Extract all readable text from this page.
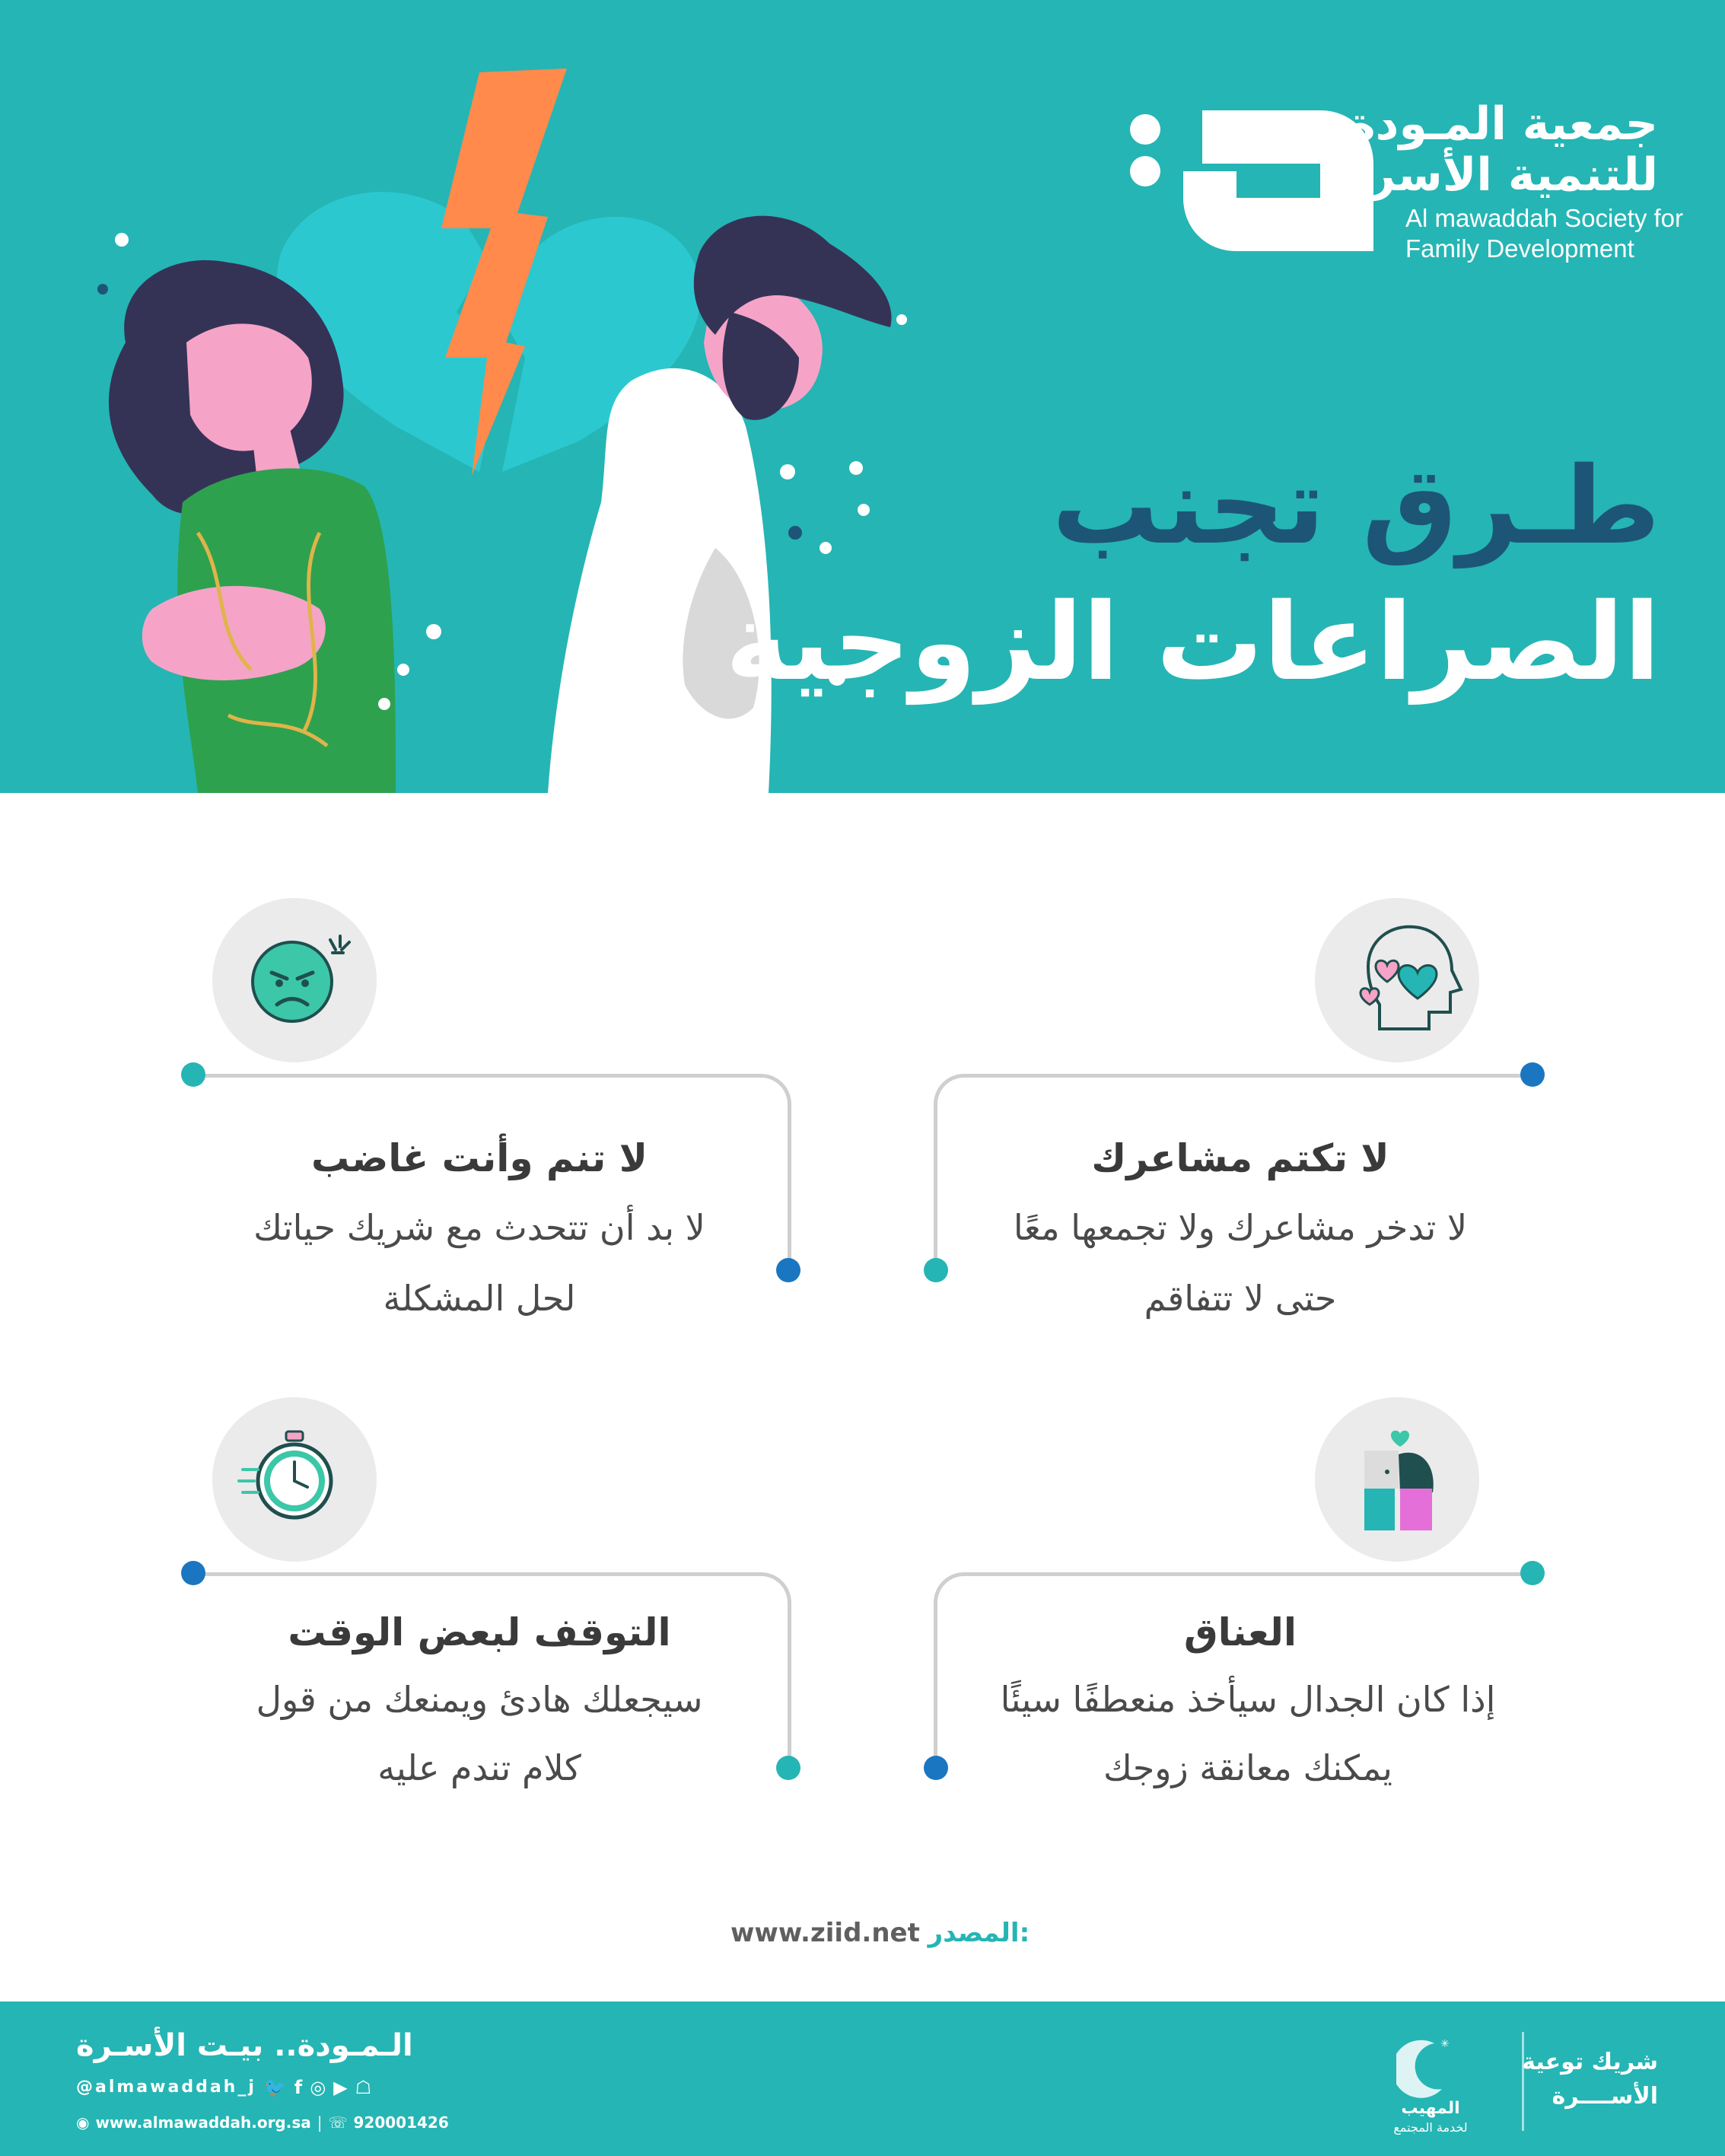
جمعية المـودة
للتنمية الأسرية
Al mawaddah Society for
Family Development
طـرق تجنب
الصراعات الزوجية
لا تكتم مشاعرك
لا تدخر مشاعرك ولا تجمعها معًا
حتى لا تتفاقم
لا تنم وأنت غاضب
لا بد أن تتحدث مع شريك حياتك
لحل المشكلة
العناق
إذا كان الجدال سيأخذ منعطفًا سيئًا
يمكنك معانقة زوجك
التوقف لبعض الوقت
سيجعلك هادئ ويمنعك من قول
كلام تندم عليه
www.ziid.net المصدر:
الـمـودة.. بيـت الأسـرة
@almawaddah_j 🐦 f ◎ ▶ ☖
◉ www.almawaddah.org.sa | ☏ 920001426
✳
المهيب
لخدمة المجتمع
شريك توعية
الأســــرة
